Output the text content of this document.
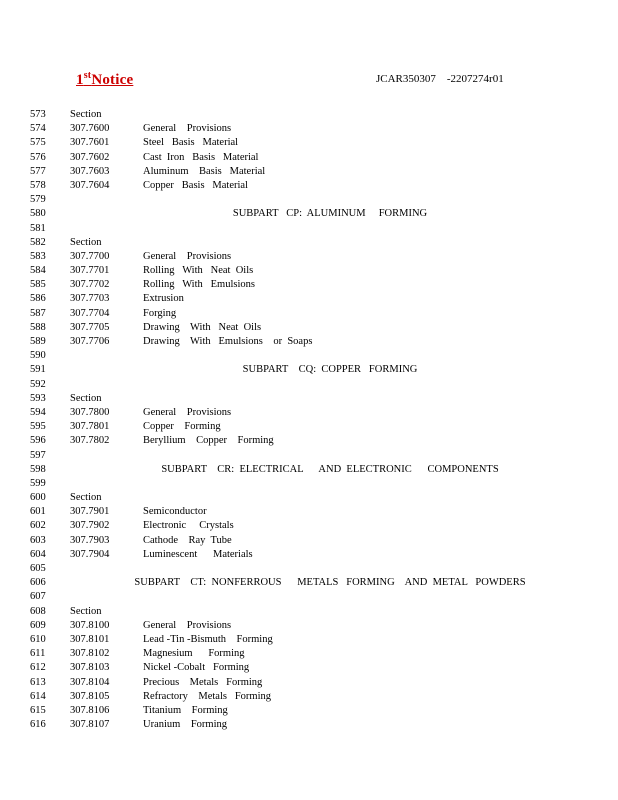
1stNotice	JCAR350307    -2207274r01
573	Section
574	307.7600	General    Provisions
575	307.7601	Steel   Basis   Material
576	307.7602	Cast  Iron   Basis   Material
577	307.7603	Aluminum    Basis   Material
578	307.7604	Copper   Basis   Material
579
580	SUBPART   CP:  ALUMINUM     FORMING
581
582	Section
583	307.7700	General    Provisions
584	307.7701	Rolling   With   Neat  Oils
585	307.7702	Rolling   With   Emulsions
586	307.7703	Extrusion
587	307.7704	Forging
588	307.7705	Drawing    With   Neat  Oils
589	307.7706	Drawing    With   Emulsions    or  Soaps
590
591	SUBPART    CQ:  COPPER   FORMING
592
593	Section
594	307.7800	General    Provisions
595	307.7801	Copper    Forming
596	307.7802	Beryllium    Copper    Forming
597
598	SUBPART    CR:  ELECTRICAL      AND  ELECTRONIC      COMPONENTS
599
600	Section
601	307.7901	Semiconductor
602	307.7902	Electronic     Crystals
603	307.7903	Cathode    Ray  Tube
604	307.7904	Luminescent      Materials
605
606	SUBPART    CT:  NONFERROUS      METALS   FORMING    AND  METAL   POWDERS
607
608	Section
609	307.8100	General    Provisions
610	307.8101	Lead -Tin -Bismuth    Forming
611	307.8102	Magnesium      Forming
612	307.8103	Nickel -Cobalt   Forming
613	307.8104	Precious    Metals   Forming
614	307.8105	Refractory    Metals   Forming
615	307.8106	Titanium    Forming
616	307.8107	Uranium    Forming
